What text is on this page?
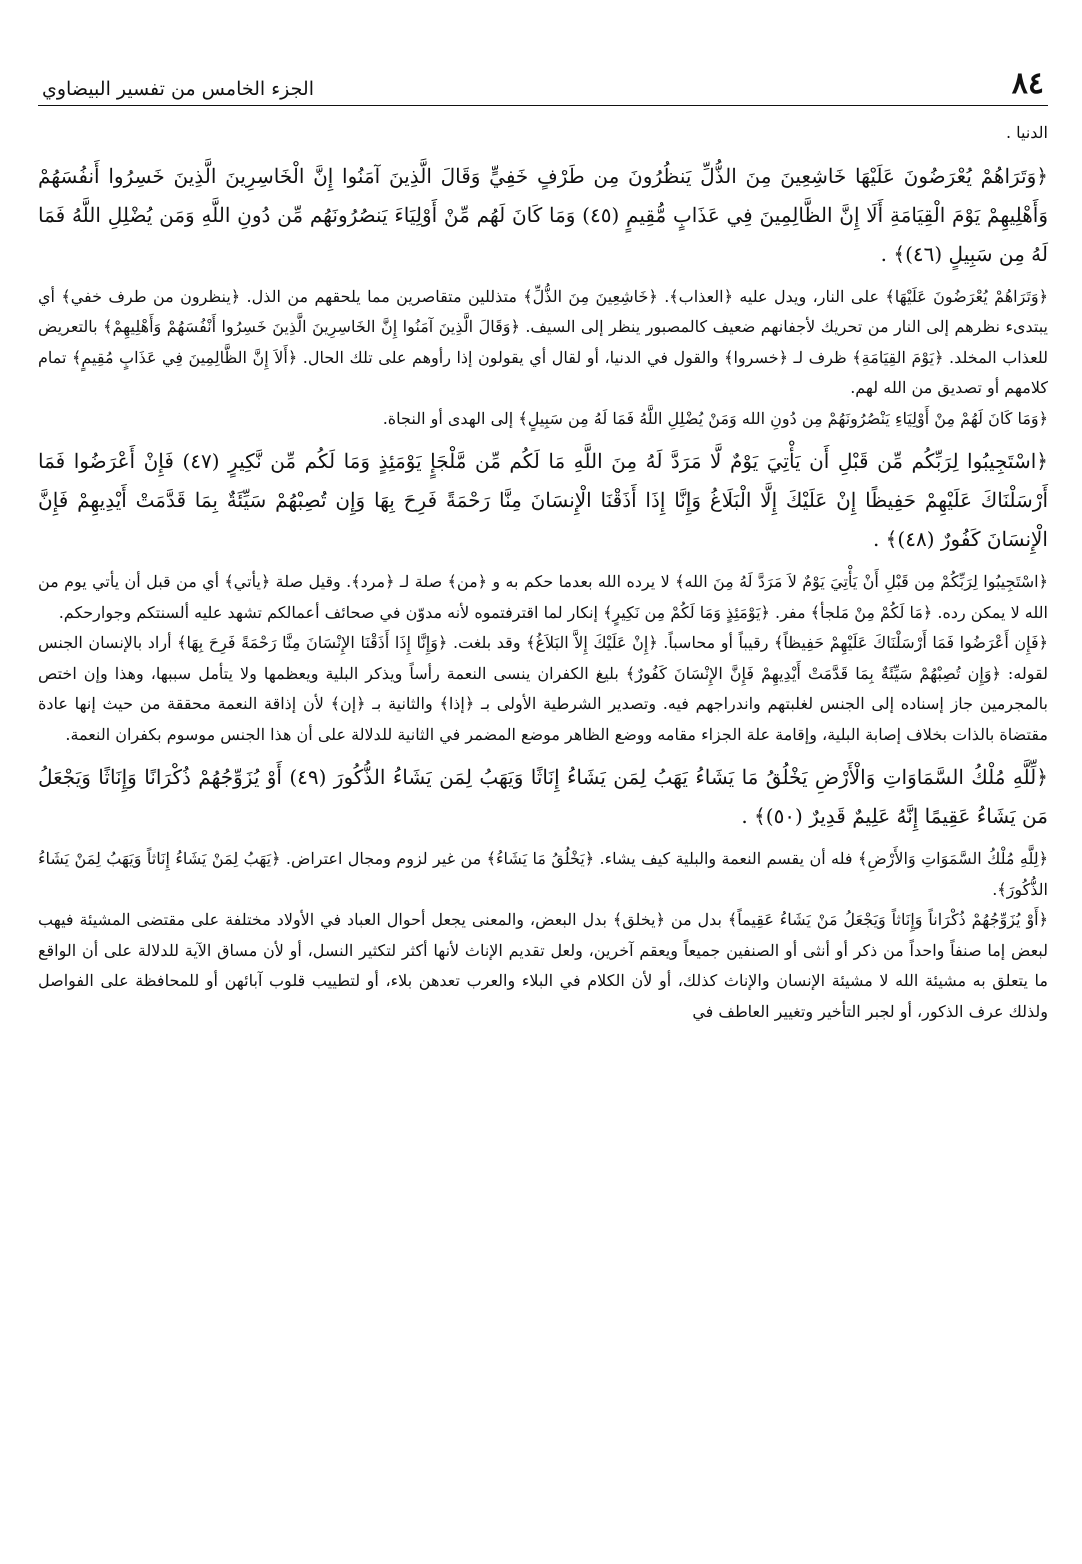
٨٤
الجزء الخامس من تفسير البيضاوي

الدنيا .

﴿وَتَرَاهُمْ يُعْرَضُونَ عَلَيْهَا خَاشِعِينَ مِنَ الذُّلِّ يَنظُرُونَ مِن طَرْفٍ خَفِيٍّ وَقَالَ الَّذِينَ آمَنُوا إِنَّ الْخَاسِرِينَ الَّذِينَ خَسِرُوا أَنفُسَهُمْ وَأَهْلِيهِمْ يَوْمَ الْقِيَامَةِ أَلَا إِنَّ الظَّالِمِينَ فِي عَذَابٍ مُّقِيمٍ (٤٥) وَمَا كَانَ لَهُم مِّنْ أَوْلِيَاءَ يَنصُرُونَهُم مِّن دُونِ اللَّهِ وَمَن يُضْلِلِ اللَّهُ فَمَا لَهُ مِن سَبِيلٍ (٤٦)﴾ .

﴿وَتَرَاهُمْ يُعْرَضُونَ عَلَيْهَا﴾ على النار، ويدل عليه ﴿العذاب﴾. ﴿خَاشِعِينَ مِنَ الذُّلِّ﴾ متذللين متقاصرين مما يلحقهم من الذل. ﴿ينظرون من طرف خفي﴾ أي يبتدىء نظرهم إلى النار من تحريك لأجفانهم ضعيف كالمصبور ينظر إلى السيف. ﴿وَقَالَ الَّذِينَ آمَنُوا إِنَّ الخَاسِرِينَ الَّذِينَ خَسِرُوا أَنْفُسَهُمْ وَأَهْلِيهِمْ﴾ بالتعريض للعذاب المخلد. ﴿يَوْمَ القِيَامَةِ﴾ ظرف لـ ﴿خسروا﴾ والقول في الدنيا، أو لقال أي يقولون إذا رأوهم على تلك الحال. ﴿أَلاَ إِنَّ الظَّالِمِينَ فِي عَذَابٍ مُقِيمٍ﴾ تمام كلامهم أو تصديق من الله لهم.

﴿وَمَا كَانَ لَهُمْ مِنْ أَوْلِيَاءِ يَنْصُرُونَهُمْ مِن دُونِ الله وَمَنْ يُضْلِلِ اللَّهُ فَمَا لَهُ مِن سَبِيلٍ﴾ إلى الهدى أو النجاة.

﴿اسْتَجِيبُوا لِرَبِّكُم مِّن قَبْلِ أَن يَأْتِيَ يَوْمٌ لَّا مَرَدَّ لَهُ مِنَ اللَّهِ مَا لَكُم مِّن مَّلْجَإٍ يَوْمَئِذٍ وَمَا لَكُم مِّن نَّكِيرٍ (٤٧) فَإِنْ أَعْرَضُوا فَمَا أَرْسَلْنَاكَ عَلَيْهِمْ حَفِيظًا إِنْ عَلَيْكَ إِلَّا الْبَلَاغُ وَإِنَّا إِذَا أَذَقْنَا الْإِنسَانَ مِنَّا رَحْمَةً فَرِحَ بِهَا وَإِن تُصِبْهُمْ سَيِّئَةٌ بِمَا قَدَّمَتْ أَيْدِيهِمْ فَإِنَّ الْإِنسَانَ كَفُورٌ (٤٨)﴾ .

﴿اسْتَجِيبُوا لِرَبِّكُمْ مِن قَبْلِ أَنْ يَأْتِيَ يَوْمٌ لاَ مَرَدَّ لَهُ مِنَ الله﴾ لا يرده الله بعدما حكم به و ﴿من﴾ صلة لـ ﴿مرد﴾. وقيل صلة ﴿يأتي﴾ أي من قبل أن يأتي يوم من الله لا يمكن رده. ﴿مَا لَكُمْ مِنْ مَلجأ﴾ مفر. ﴿يَوْمَئِذٍ وَمَا لَكُمْ مِن نَكِيرٍ﴾ إنكار لما اقترفتموه لأنه مدوّن في صحائف أعمالكم تشهد عليه ألسنتكم وجوارحكم.

﴿فَإِن أَعْرَضُوا فَمَا أَرْسَلْنَاكَ عَلَيْهِمْ حَفِيظاً﴾ رقيباً أو محاسباً. ﴿إِنْ عَلَيْكَ إِلاَّ البَلاَغُ﴾ وقد بلغت. ﴿وَإِنَّا إِذَا أَذَقْنَا الإِنْسَانَ مِنَّا رَحْمَةً فَرِحَ بِهَا﴾ أراد بالإنسان الجنس لقوله: ﴿وَإِن تُصِبْهُمْ سَيِّئَةٌ بِمَا قَدَّمَتْ أَيْدِيهِمْ فَإِنَّ الإِنْسَانَ كَفُورٌ﴾ بليغ الكفران ينسى النعمة رأساً ويذكر البلية ويعظمها ولا يتأمل سببها، وهذا وإن اختص بالمجرمين جاز إسناده إلى الجنس لغلبتهم واندراجهم فيه. وتصدير الشرطية الأولى بـ ﴿إذا﴾ والثانية بـ ﴿إن﴾ لأن إذاقة النعمة محققة من حيث إنها عادة مقتضاة بالذات بخلاف إصابة البلية، وإقامة علة الجزاء مقامه ووضع الظاهر موضع المضمر في الثانية للدلالة على أن هذا الجنس موسوم بكفران النعمة.

﴿لِّلَّهِ مُلْكُ السَّمَاوَاتِ وَالْأَرْضِ يَخْلُقُ مَا يَشَاءُ يَهَبُ لِمَن يَشَاءُ إِنَاثًا وَيَهَبُ لِمَن يَشَاءُ الذُّكُورَ (٤٩) أَوْ يُزَوِّجُهُمْ ذُكْرَانًا وَإِنَاثًا وَيَجْعَلُ مَن يَشَاءُ عَقِيمًا إِنَّهُ عَلِيمٌ قَدِيرٌ (٥٠)﴾ .

﴿لِلَّهِ مُلْكُ السَّمَوَاتِ وَالأَرْضِ﴾ فله أن يقسم النعمة والبلية كيف يشاء. ﴿يَخْلُقُ مَا يَشَاءُ﴾ من غير لزوم ومجال اعتراض. ﴿يَهَبُ لِمَنْ يَشَاءُ إِنَاثاً وَيَهَبُ لِمَنْ يَشَاءُ الذُّكُورَ﴾.

﴿أَوْ يُزَوِّجُهُمْ ذُكْرَاناً وَإِنَاثاً وَيَجْعَلُ مَنْ يَشَاءُ عَقِيماً﴾ بدل من ﴿يخلق﴾ بدل البعض، والمعنى يجعل أحوال العباد في الأولاد مختلفة على مقتضى المشيئة فيهب لبعض إما صنفاً واحداً من ذكر أو أنثى أو الصنفين جميعاً ويعقم آخرين، ولعل تقديم الإناث لأنها أكثر لتكثير النسل، أو لأن مساق الآية للدلالة على أن الواقع ما يتعلق به مشيئة الله لا مشيئة الإنسان والإناث كذلك، أو لأن الكلام في البلاء والعرب تعدهن بلاء، أو لتطييب قلوب آبائهن أو للمحافظة على الفواصل ولذلك عرف الذكور، أو لجبر التأخير وتغيير العاطف في
